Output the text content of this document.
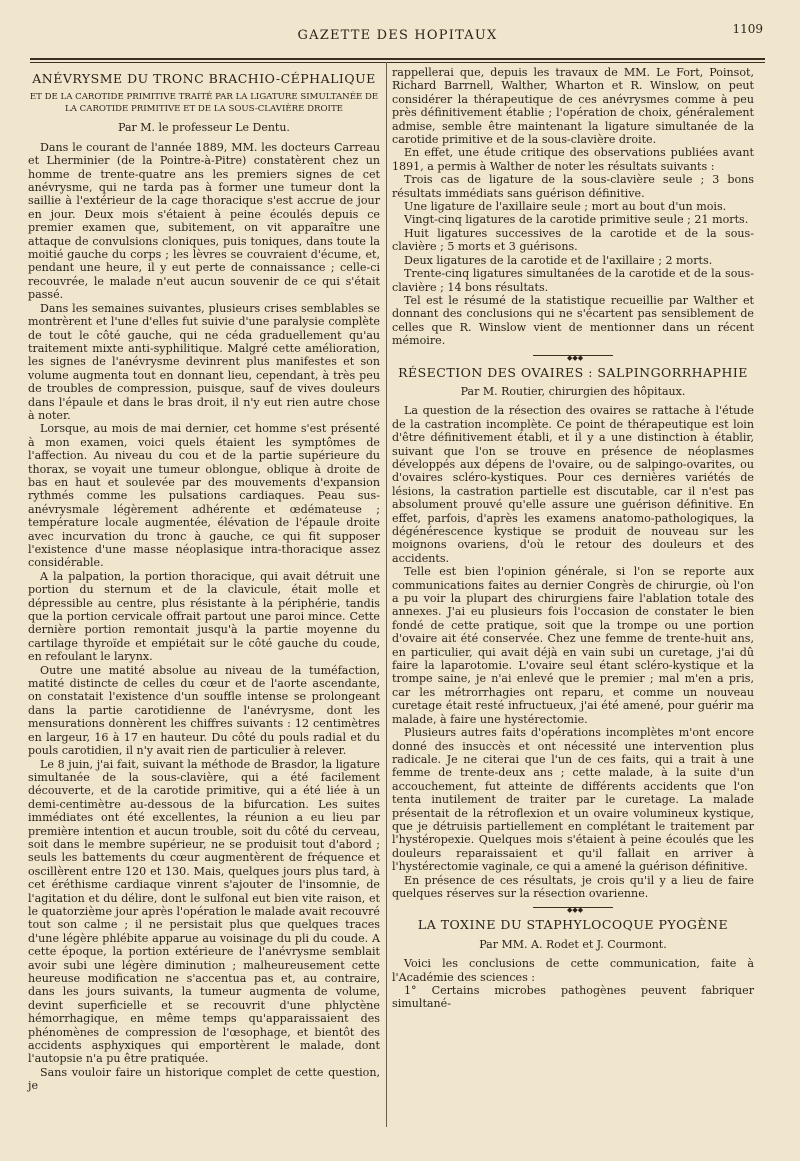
GAZETTE DES HOPITAUX	1109
ANÉVRYSME DU TRONC BRACHIO-CÉPHALIQUE
ET DE LA CAROTIDE PRIMITIVE TRAITÉ PAR LA LIGATURE SIMULTANÉE DE LA CAROTIDE PRIMITIVE ET DE LA SOUS-CLAVIÈRE DROITE
Par M. le professeur Le Dentu.

Dans le courant de l'année 1889, MM. les docteurs Carreau et Lherminier (de la Pointre-à-Pitre) constatèrent chez un homme de trente-quatre ans les premiers signes de cet anévrysme, qui ne tarda pas à former une tumeur dont la saillie à l'extérieur de la cage thoracique s'est accrue de jour en jour. Deux mois s'étaient à peine écoulés depuis ce premier examen que, subitement, on vit apparaître une attaque de convulsions cloniques, puis toniques, dans toute la moitié gauche du corps ; les lèvres se couvraient d'écume, et, pendant une heure, il y eut perte de connaissance ; celle-ci recouvrée, le malade n'eut aucun souvenir de ce qui s'était passé.

Dans les semaines suivantes, plusieurs crises semblables se montrèrent et l'une d'elles fut suivie d'une paralysie complète de tout le côté gauche, qui ne céda graduellement qu'au traitement mixte anti-syphilitique. Malgré cette amélioration, les signes de l'anévrysme devinrent plus manifestes et son volume augmenta tout en donnant lieu, cependant, à très peu de troubles de compression, puisque, sauf de vives douleurs dans l'épaule et dans le bras droit, il n'y eut rien autre chose à noter.

Lorsque, au mois de mai dernier, cet homme s'est présenté à mon examen, voici quels étaient les symptômes de l'affection. Au niveau du cou et de la partie supérieure du thorax, se voyait une tumeur oblongue, oblique à droite de bas en haut et soulevée par des mouvements d'expansion rythmés comme les pulsations cardiaques. Peau sus-anévrysmale légèrement adhérente et œdémateuse ; température locale augmentée, élévation de l'épaule droite avec incurvation du tronc à gauche, ce qui fit supposer l'existence d'une masse néoplasique intra-thoracique assez considérable.

A la palpation, la portion thoracique, qui avait détruit une portion du sternum et de la clavicule, était molle et dépressible au centre, plus résistante à la périphérie, tandis que la portion cervicale offrait partout une paroi mince. Cette dernière portion remontait jusqu'à la partie moyenne du cartilage thyroïde et empiétait sur le côté gauche du coude, en refoulant le larynx.

Outre une matité absolue au niveau de la tuméfaction, matité distincte de celles du cœur et de l'aorte ascendante, on constatait l'existence d'un souffle intense se prolongeant dans la partie carotidienne de l'anévrysme, dont les mensurations donnèrent les chiffres suivants : 12 centimètres en largeur, 16 à 17 en hauteur. Du côté du pouls radial et du pouls carotidien, il n'y avait rien de particulier à relever.

Le 8 juin, j'ai fait, suivant la méthode de Brasdor, la ligature simultanée de la sous-clavière, qui a été facilement découverte, et de la carotide primitive, qui a été liée à un demi-centimètre au-dessous de la bifurcation. Les suites immédiates ont été excellentes, la réunion a eu lieu par première intention et aucun trouble, soit du côté du cerveau, soit dans le membre supérieur, ne se produisit tout d'abord ; seuls les battements du cœur augmentèrent de fréquence et oscillèrent entre 120 et 130. Mais, quelques jours plus tard, à cet éréthisme cardiaque vinrent s'ajouter de l'insomnie, de l'agitation et du délire, dont le sulfonal eut bien vite raison, et le quatorzième jour après l'opération le malade avait recouvré tout son calme ; il ne persistait plus que quelques traces d'une légère phlébite apparue au voisinage du pli du coude. A cette époque, la portion extérieure de l'anévrysme semblait avoir subi une légère diminution ; malheureusement cette heureuse modification ne s'accentua pas et, au contraire, dans les jours suivants, la tumeur augmenta de volume, devint superficielle et se recouvrit d'une phlyctène hémorrhagique, en même temps qu'apparaissaient des phénomènes de compression de l'œsophage, et bientôt des accidents asphyxiques qui emportèrent le malade, dont l'autopsie n'a pu être pratiquée.

Sans vouloir faire un historique complet de cette question, je

rappellerai que, depuis les travaux de MM. Le Fort, Poinsot, Richard Barrnell, Walther, Wharton et R. Winslow, on peut considérer la thérapeutique de ces anévrysmes comme à peu près définitivement établie ; l'opération de choix, généralement admise, semble être maintenant la ligature simultanée de la carotide primitive et de la sous-clavière droite.

En effet, une étude critique des observations publiées avant 1891, a permis à Walther de noter les résultats suivants :

Trois cas de ligature de la sous-clavière seule ; 3 bons résultats immédiats sans guérison définitive.

Une ligature de l'axillaire seule ; mort au bout d'un mois.

Vingt-cinq ligatures de la carotide primitive seule ; 21 morts.

Huit ligatures successives de la carotide et de la sous-clavière ; 5 morts et 3 guérisons.

Deux ligatures de la carotide et de l'axillaire ; 2 morts.

Trente-cinq ligatures simultanées de la carotide et de la sous-clavière ; 14 bons résultats.

Tel est le résumé de la statistique recueillie par Walther et donnant des conclusions qui ne s'écartent pas sensiblement de celles que R. Winslow vient de mentionner dans un récent mémoire.

◆◆◆
RÉSECTION DES OVAIRES : SALPINGORRHAPHIE
Par M. Routier, chirurgien des hôpitaux.

La question de la résection des ovaires se rattache à l'étude de la castration incomplète. Ce point de thérapeutique est loin d'être définitivement établi, et il y a une distinction à établir, suivant que l'on se trouve en présence de néoplasmes développés aux dépens de l'ovaire, ou de salpingo-ovarites, ou d'ovaires scléro-kystiques. Pour ces dernières variétés de lésions, la castration partielle est discutable, car il n'est pas absolument prouvé qu'elle assure une guérison définitive. En effet, parfois, d'après les examens anatomo-pathologiques, la dégénérescence kystique se produit de nouveau sur les moignons ovariens, d'où le retour des douleurs et des accidents.

Telle est bien l'opinion générale, si l'on se reporte aux communications faites au dernier Congrès de chirurgie, où l'on a pu voir la plupart des chirurgiens faire l'ablation totale des annexes. J'ai eu plusieurs fois l'occasion de constater le bien fondé de cette pratique, soit que la trompe ou une portion d'ovaire ait été conservée. Chez une femme de trente-huit ans, en particulier, qui avait déjà en vain subi un curetage, j'ai dû faire la laparotomie. L'ovaire seul étant scléro-kystique et la trompe saine, je n'ai enlevé que le premier ; mal m'en a pris, car les métrorrhagies ont reparu, et comme un nouveau curetage était resté infructueux, j'ai été amené, pour guérir ma malade, à faire une hystérectomie.

Plusieurs autres faits d'opérations incomplètes m'ont encore donné des insuccès et ont nécessité une intervention plus radicale. Je ne citerai que l'un de ces faits, qui a trait à une femme de trente-deux ans ; cette malade, à la suite d'un accouchement, fut atteinte de différents accidents que l'on tenta inutilement de traiter par le curetage. La malade présentait de la rétroflexion et un ovaire volumineux kystique, que je détruisis partiellement en complétant le traitement par l'hystéropexie. Quelques mois s'étaient à peine écoulés que les douleurs reparaissaient et qu'il fallait en arriver à l'hystérectomie vaginale, ce qui a amené la guérison définitive.

En présence de ces résultats, je crois qu'il y a lieu de faire quelques réserves sur la résection ovarienne.

◆◆◆
LA TOXINE DU STAPHYLOCOQUE PYOGÈNE
Par MM. A. Rodet et J. Courmont.

Voici les conclusions de cette communication, faite à l'Académie des sciences :

1° Certains microbes pathogènes peuvent fabriquer simultané-
